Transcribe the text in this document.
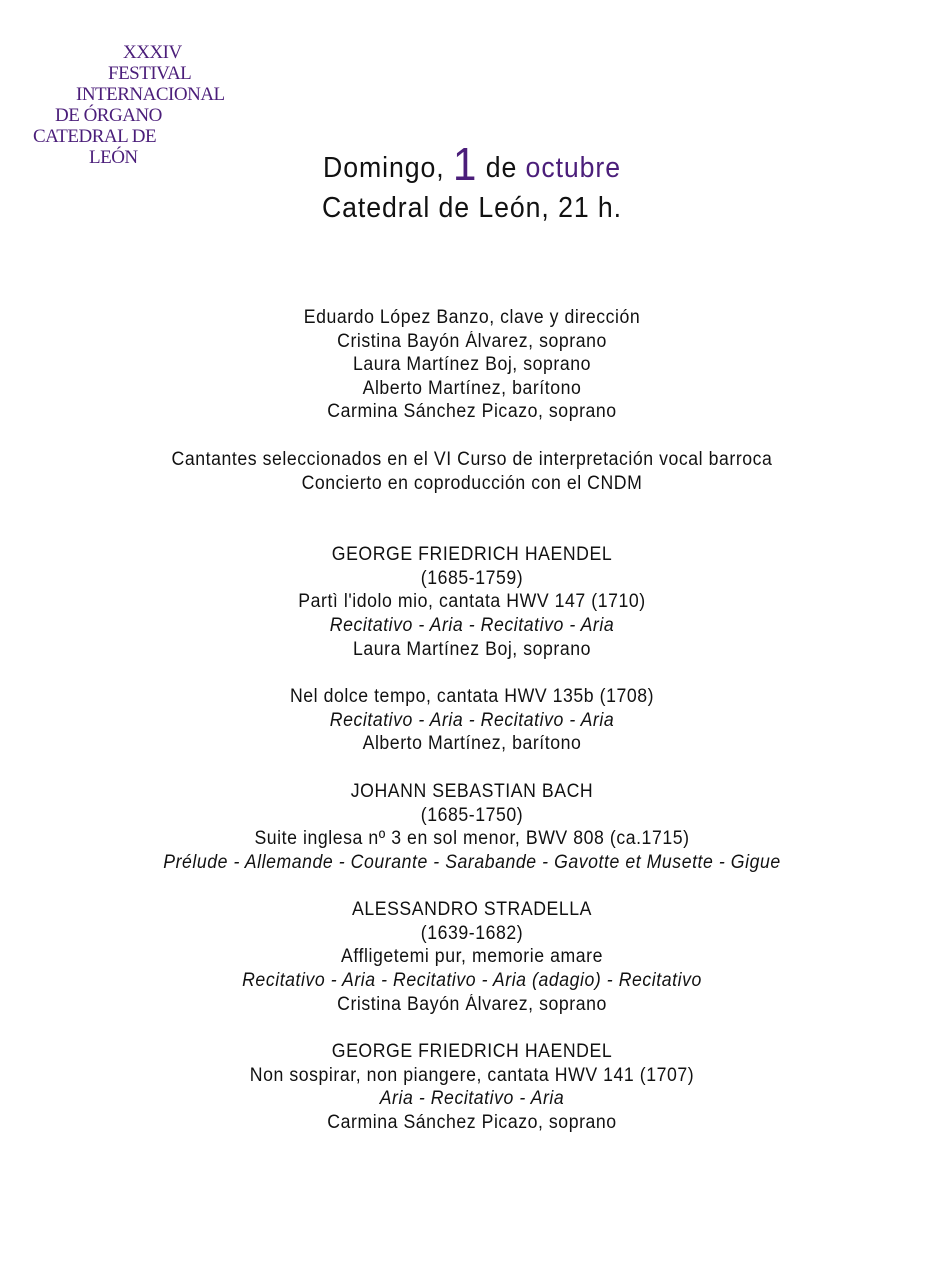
XXXIV
FESTIVAL
INTERNACIONAL
DE ÓRGANO
CATEDRAL DE
LEÓN	Domingo, 1 de octubre
Catedral de León, 21 h.
Eduardo López Banzo, clave y dirección
Cristina Bayón Álvarez, soprano
Laura Martínez Boj, soprano
Alberto Martínez, barítono
Carmina Sánchez Picazo, soprano
Cantantes seleccionados en el VI Curso de interpretación vocal barroca
Concierto en coproducción con el CNDM
GEORGE FRIEDRICH HAENDEL
(1685-1759)
Partì l'idolo mio, cantata HWV 147 (1710)
Recitativo - Aria - Recitativo - Aria
Laura Martínez Boj, soprano
Nel dolce tempo, cantata HWV 135b (1708)
Recitativo - Aria - Recitativo - Aria
Alberto Martínez, barítono
JOHANN SEBASTIAN BACH
(1685-1750)
Suite inglesa nº 3 en sol menor, BWV 808 (ca.1715)
Prélude - Allemande - Courante - Sarabande - Gavotte et Musette - Gigue
ALESSANDRO STRADELLA
(1639-1682)
Affligetemi pur, memorie amare
Recitativo - Aria - Recitativo - Aria (adagio) - Recitativo
Cristina Bayón Álvarez, soprano
GEORGE FRIEDRICH HAENDEL
Non sospirar, non piangere, cantata HWV 141 (1707)
Aria - Recitativo - Aria
Carmina Sánchez Picazo, soprano
